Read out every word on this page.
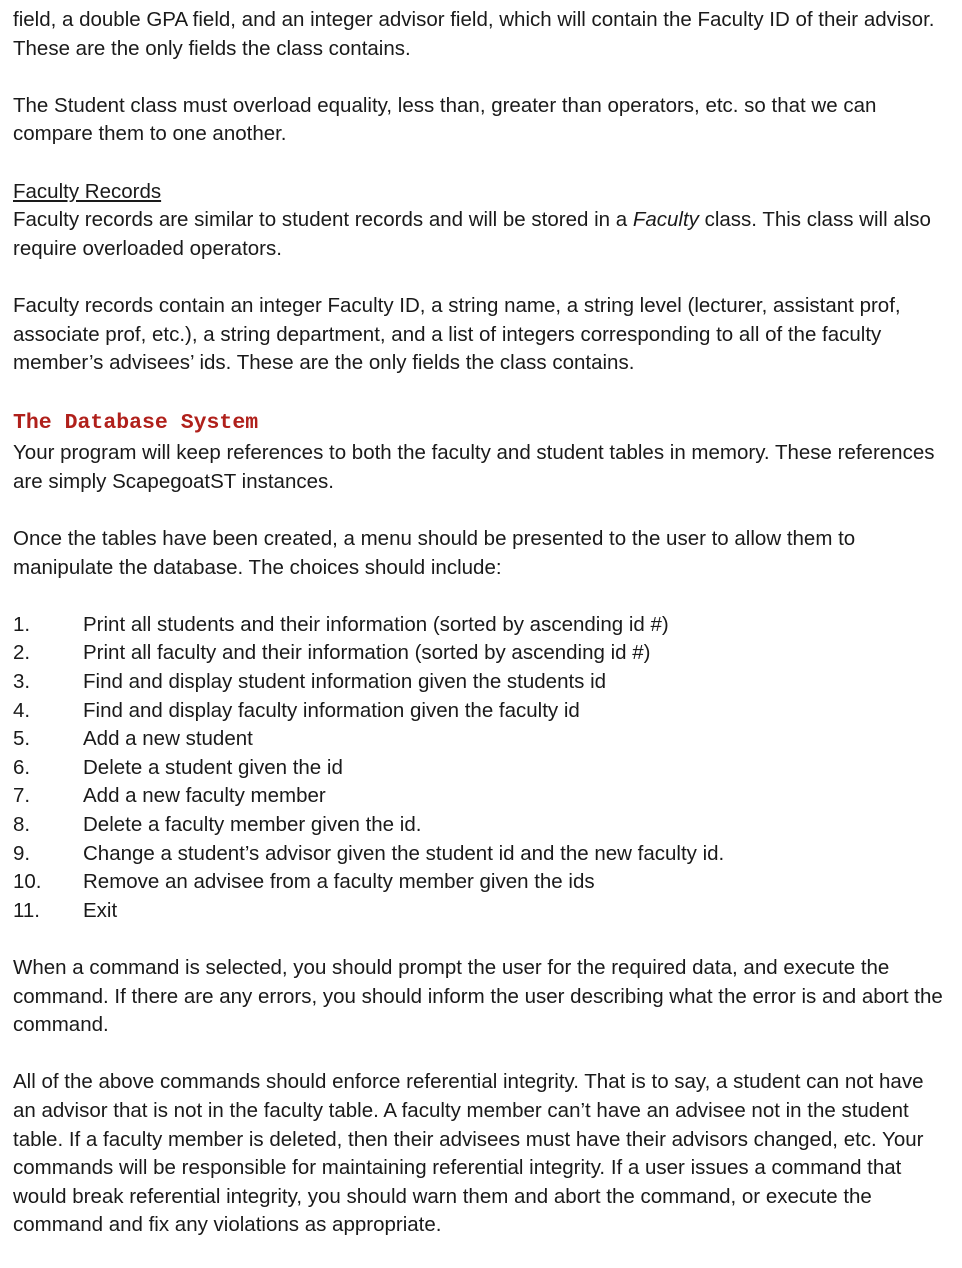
field, a double GPA field, and an integer advisor field, which will contain the Faculty ID of their advisor. These are the only fields the class contains.

The Student class must overload equality, less than, greater than operators, etc. so that we can compare them to one another.

Faculty Records

Faculty records are similar to student records and will be stored in a Faculty class. This class will also require overloaded operators.

Faculty records contain an integer Faculty ID, a string name, a string level (lecturer, assistant prof, associate prof, etc.), a string department, and a list of integers corresponding to all of the faculty member’s advisees’ ids. These are the only fields the class contains.

The Database System

Your program will keep references to both the faculty and student tables in memory. These references are simply ScapegoatST instances.

Once the tables have been created, a menu should be presented to the user to allow them to manipulate the database. The choices should include:

1.	Print all students and their information (sorted by ascending id #)
2.	Print all faculty and their information (sorted by ascending id #)
3.	Find and display student information given the students id
4.	Find and display faculty information given the faculty id
5.	Add a new student
6.	Delete a student given the id
7.	Add a new faculty member
8.	Delete a faculty member given the id.
9.	Change a student’s advisor given the student id and the new faculty id.
10.	Remove an advisee from a faculty member given the ids
11.	Exit

When a command is selected, you should prompt the user for the required data, and execute the command. If there are any errors, you should inform the user describing what the error is and abort the command.

All of the above commands should enforce referential integrity. That is to say, a student can not have an advisor that is not in the faculty table. A faculty member can’t have an advisee not in the student table. If a faculty member is deleted, then their advisees must have their advisors changed, etc. Your commands will be responsible for maintaining referential integrity. If a user issues a command that would break referential integrity, you should warn them and abort the command, or execute the command and fix any violations as appropriate.
